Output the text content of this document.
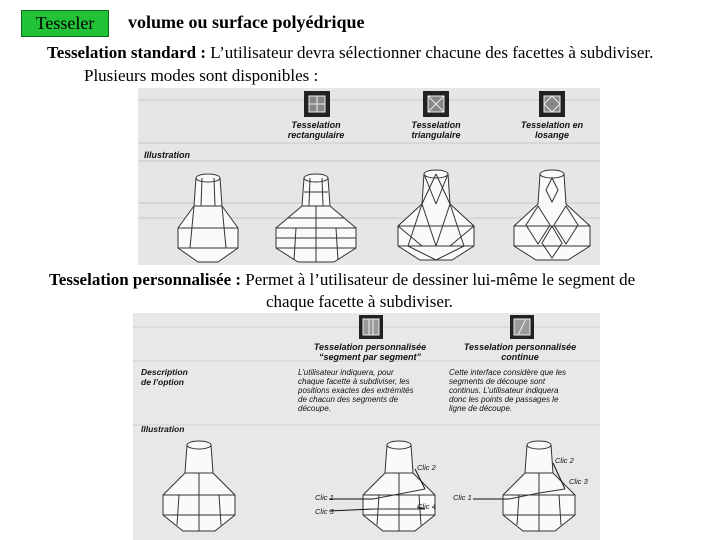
Tesseler	volume ou surface polyédrique
Tesselation standard : L’utilisateur devra sélectionner chacune des facettes à subdiviser.
Plusieurs modes sont disponibles :
Tesselation
rectangulaire
Tesselation
triangulaire
Tesselation en
losange
Illustration
Tesselation personnalisée : Permet à l’utilisateur de dessiner lui-même le segment de
chaque facette à subdiviser.
Tesselation personnalisée
“segment par segment”
Tesselation personnalisée
continue
Description
de l’option
Illustration
L’utilisateur indiquera, pour
chaque facette à subdiviser, les
positions exactes des extrémités
de chacun des segments de
découpe.
Cette interface considère que les
segments de découpe sont
continus. L’utilisateur indiquera
donc les points de passages le
ligne de découpe.
Clic 2
Clic 1
Clic 3
Clic 4
Clic 2
Clic 3
Clic 1
